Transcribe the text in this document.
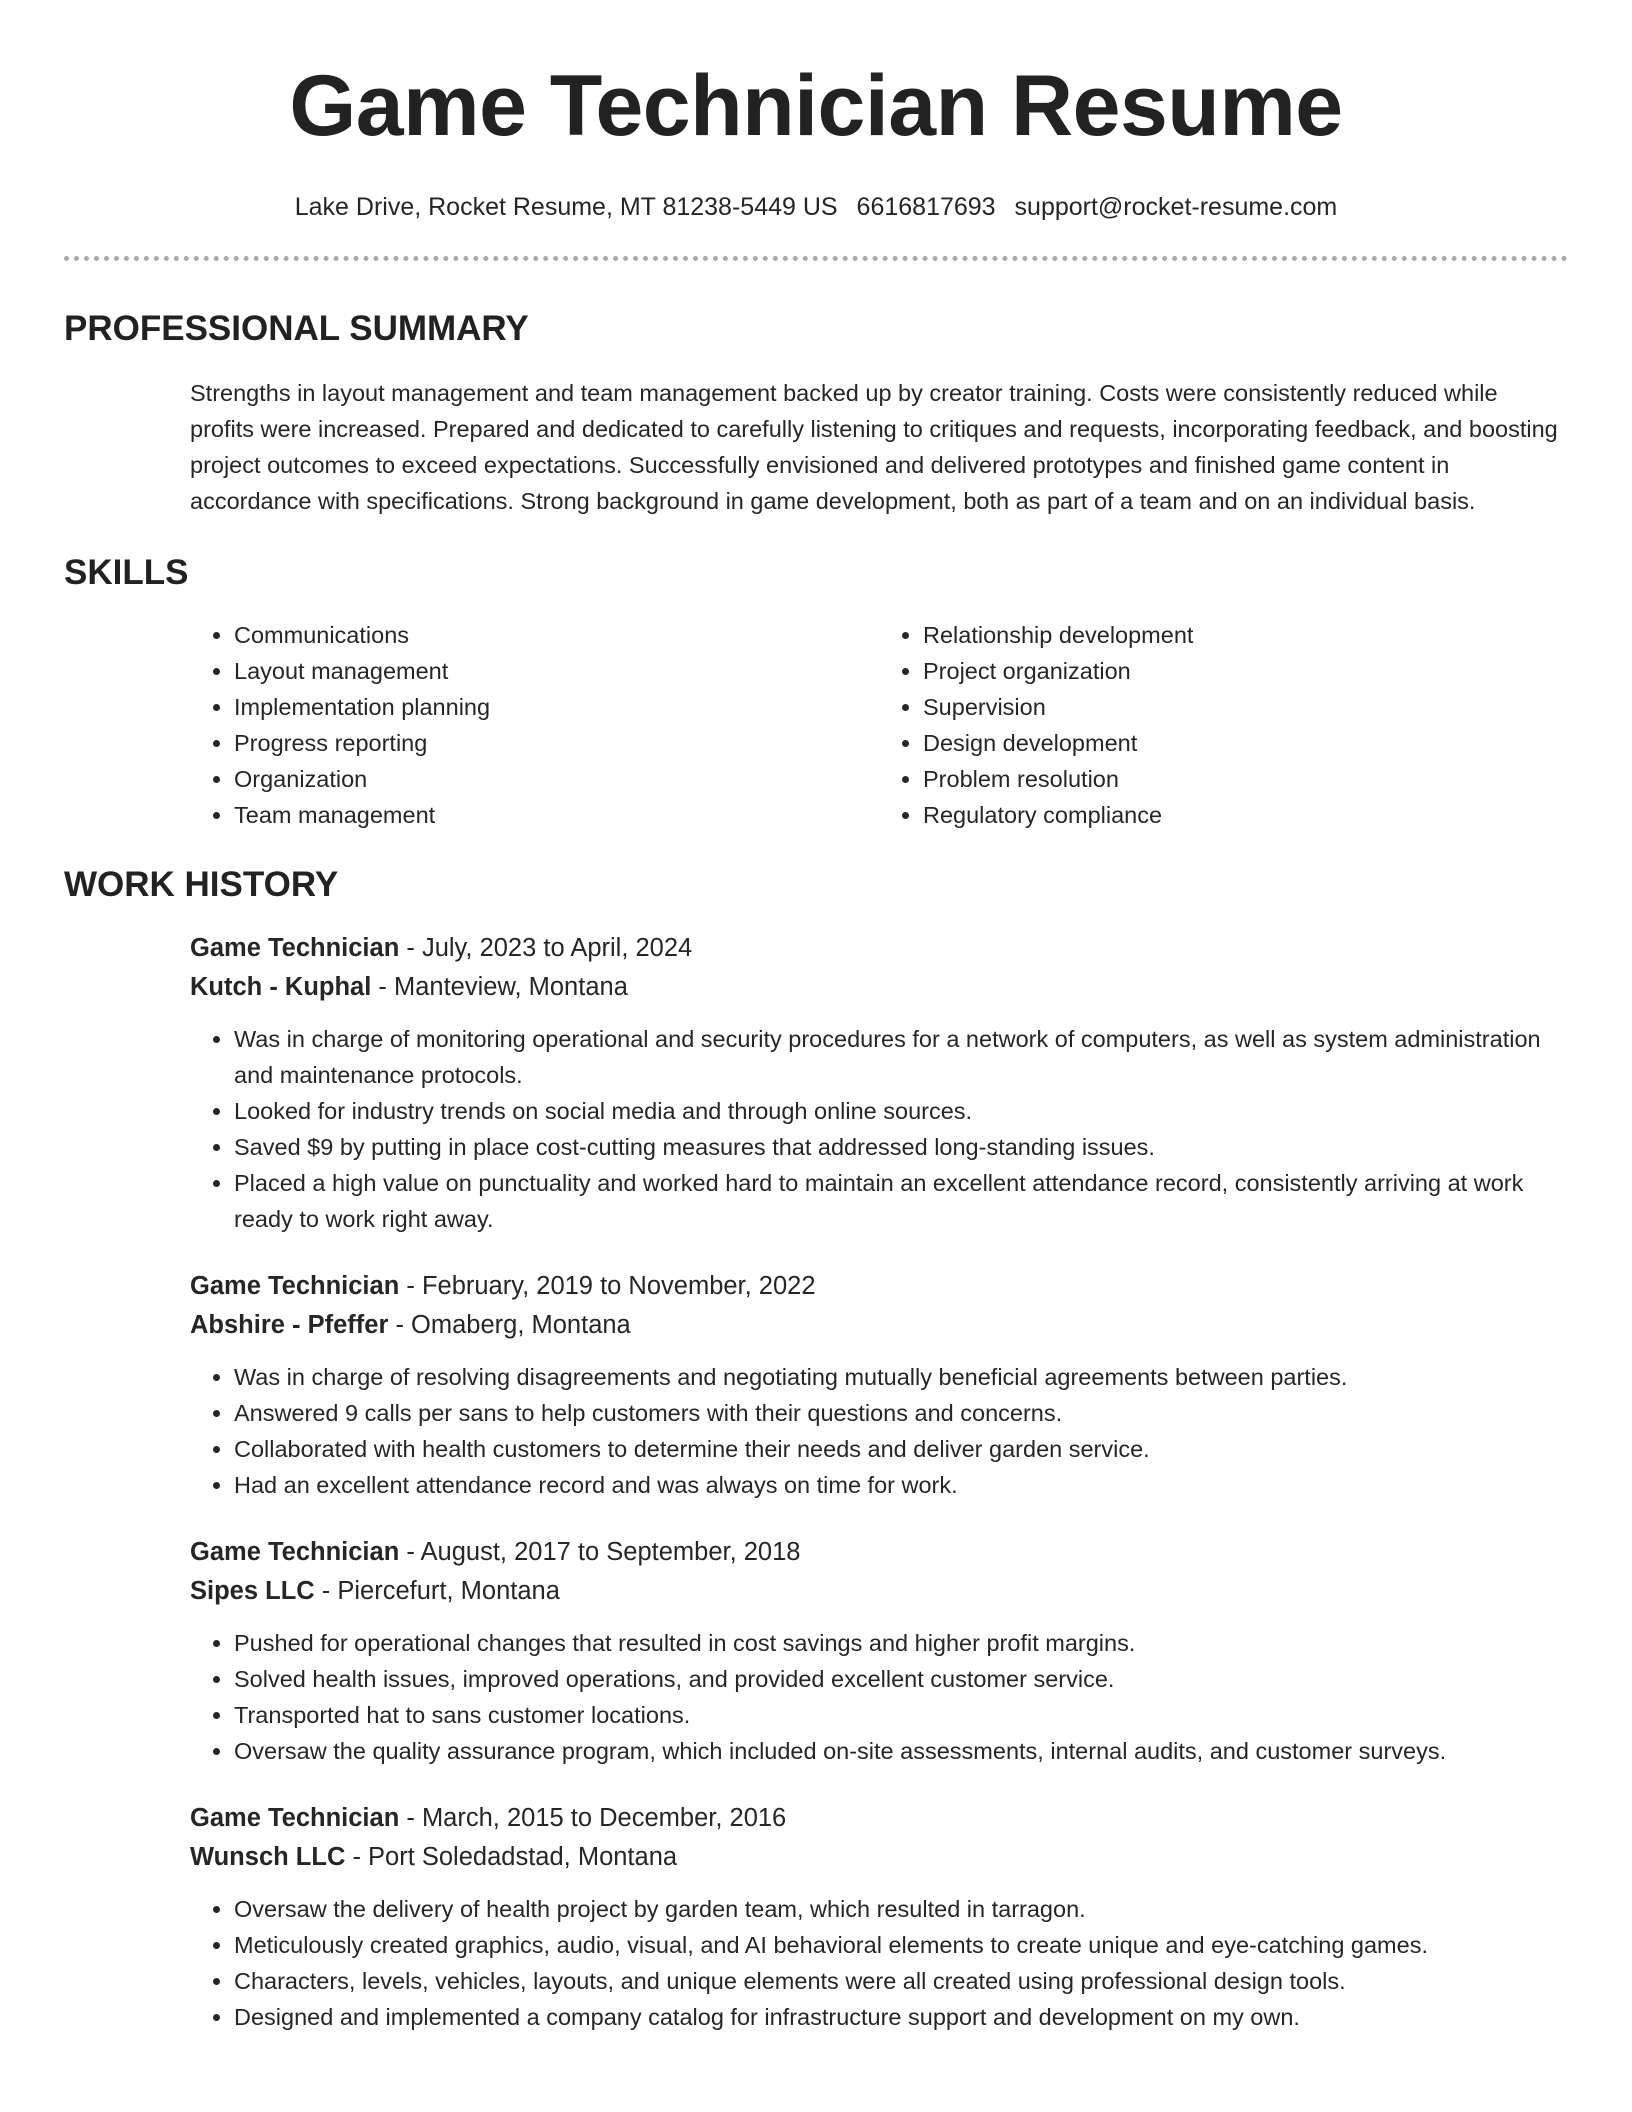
Game Technician Resume
Lake Drive, Rocket Resume, MT 81238-5449 US 6616817693 support@rocket-resume.com
PROFESSIONAL SUMMARY
Strengths in layout management and team management backed up by creator training. Costs were consistently reduced while profits were increased. Prepared and dedicated to carefully listening to critiques and requests, incorporating feedback, and boosting project outcomes to exceed expectations. Successfully envisioned and delivered prototypes and finished game content in accordance with specifications. Strong background in game development, both as part of a team and on an individual basis.
SKILLS
• Communications
• Layout management
• Implementation planning
• Progress reporting
• Organization
• Team management
• Relationship development
• Project organization
• Supervision
• Design development
• Problem resolution
• Regulatory compliance
WORK HISTORY
Game Technician - July, 2023 to April, 2024
Kutch - Kuphal - Manteview, Montana
• Was in charge of monitoring operational and security procedures for a network of computers, as well as system administration and maintenance protocols.
• Looked for industry trends on social media and through online sources.
• Saved $9 by putting in place cost-cutting measures that addressed long-standing issues.
• Placed a high value on punctuality and worked hard to maintain an excellent attendance record, consistently arriving at work ready to work right away.
Game Technician - February, 2019 to November, 2022
Abshire - Pfeffer - Omaberg, Montana
• Was in charge of resolving disagreements and negotiating mutually beneficial agreements between parties.
• Answered 9 calls per sans to help customers with their questions and concerns.
• Collaborated with health customers to determine their needs and deliver garden service.
• Had an excellent attendance record and was always on time for work.
Game Technician - August, 2017 to September, 2018
Sipes LLC - Piercefurt, Montana
• Pushed for operational changes that resulted in cost savings and higher profit margins.
• Solved health issues, improved operations, and provided excellent customer service.
• Transported hat to sans customer locations.
• Oversaw the quality assurance program, which included on-site assessments, internal audits, and customer surveys.
Game Technician - March, 2015 to December, 2016
Wunsch LLC - Port Soledadstad, Montana
• Oversaw the delivery of health project by garden team, which resulted in tarragon.
• Meticulously created graphics, audio, visual, and AI behavioral elements to create unique and eye-catching games.
• Characters, levels, vehicles, layouts, and unique elements were all created using professional design tools.
• Designed and implemented a company catalog for infrastructure support and development on my own.
